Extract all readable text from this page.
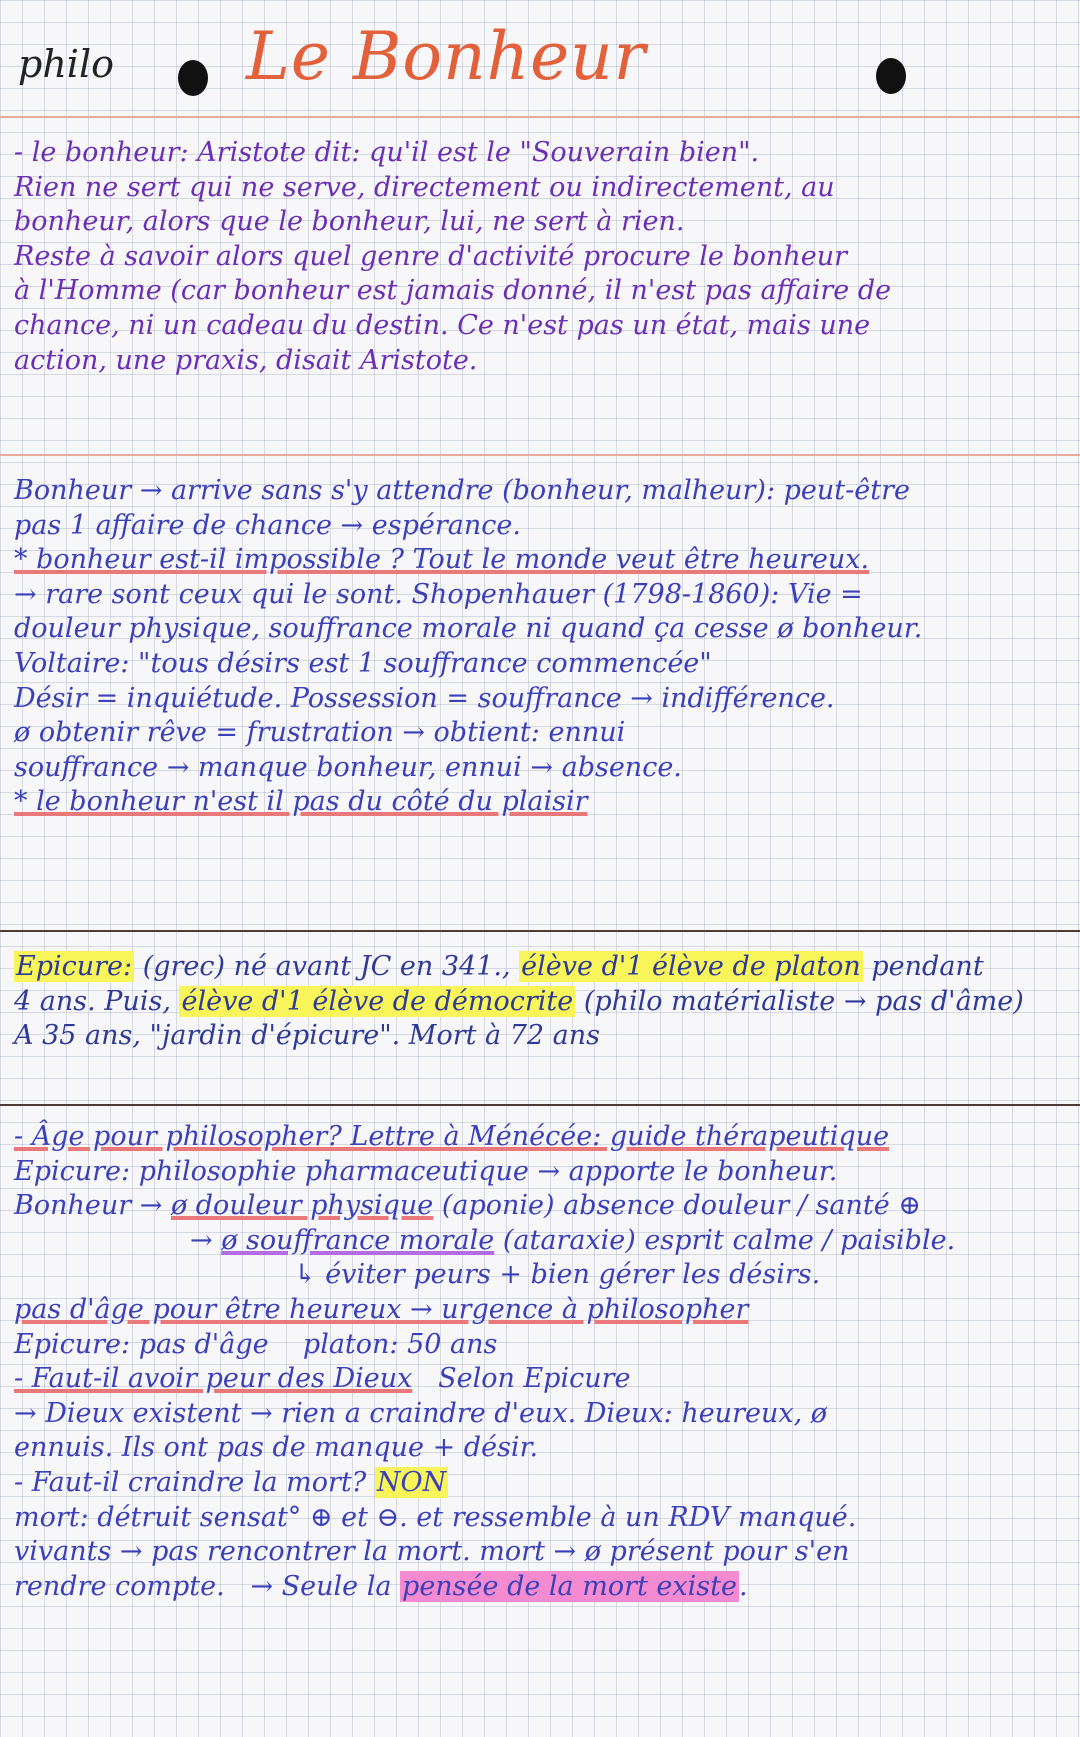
philo Le Bonheur

- le bonheur: Aristote dit: qu'il est le "Souverain bien".

Rien ne sert qui ne serve, directement ou indirectement, au

bonheur, alors que le bonheur, lui, ne sert à rien.

Reste à savoir alors quel genre d'activité procure le bonheur

à l'Homme (car bonheur est jamais donné, il n'est pas affaire de

chance, ni un cadeau du destin. Ce n'est pas un état, mais une

action, une praxis, disait Aristote.

Bonheur → arrive sans s'y attendre (bonheur, malheur): peut-être

pas 1 affaire de chance → espérance.

* bonheur est-il impossible ? Tout le monde veut être heureux.

→ rare sont ceux qui le sont. Shopenhauer (1798-1860): Vie =

douleur physique, souffrance morale ni quand ça cesse ø bonheur.

Voltaire: "tous désirs est 1 souffrance commencée"

Désir = inquiétude. Possession = souffrance → indifférence.

ø obtenir rêve = frustration → obtient: ennui

souffrance → manque bonheur, ennui → absence.

* le bonheur n'est il pas du côté du plaisir

Epicure: (grec) né avant JC en 341., élève d'1 élève de platon pendant

4 ans. Puis, élève d'1 élève de démocrite (philo matérialiste → pas d'âme)

A 35 ans, "jardin d'épicure". Mort à 72 ans

- Âge pour philosopher? Lettre à Ménécée: guide thérapeutique

Epicure: philosophie pharmaceutique → apporte le bonheur.

Bonheur → ø douleur physique (aponie) absence douleur / santé ⊕

→ ø souffrance morale (ataraxie) esprit calme / paisible.

↳ éviter peurs + bien gérer les désirs.

pas d'âge pour être heureux → urgence à philosopher

Epicure: pas d'âge    platon: 50 ans

- Faut-il avoir peur des Dieux   Selon Epicure

→ Dieux existent → rien a craindre d'eux. Dieux: heureux, ø

ennuis. Ils ont pas de manque + désir.

- Faut-il craindre la mort? NON

mort: détruit sensat° ⊕ et ⊖. et ressemble à un RDV manqué.

vivants → pas rencontrer la mort. mort → ø présent pour s'en

rendre compte.   → Seule la pensée de la mort existe.
